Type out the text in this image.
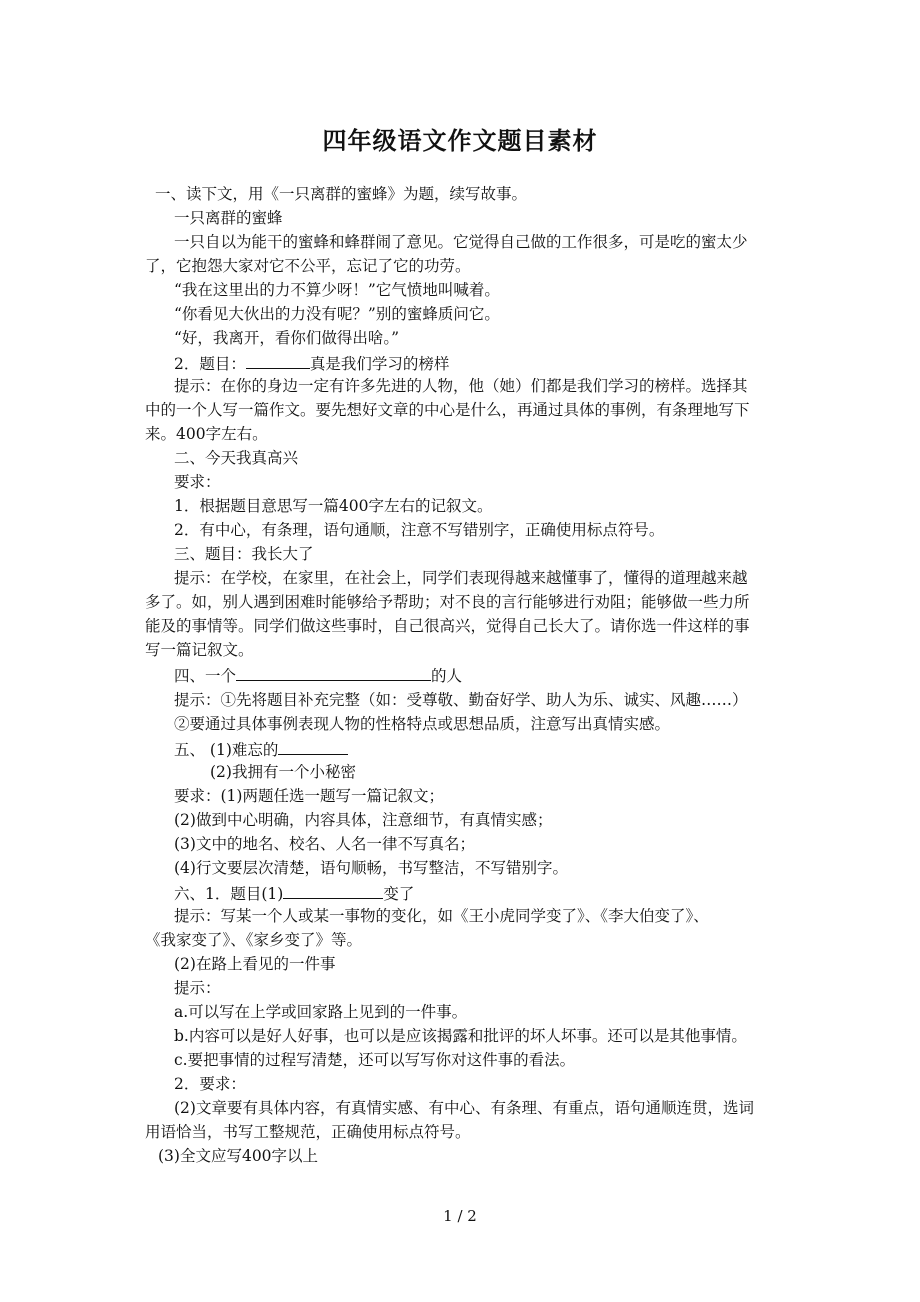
四年级语文作文题目素材
一、读下文，用《一只离群的蜜蜂》为题，续写故事。
一只离群的蜜蜂
一只自以为能干的蜜蜂和蜂群闹了意见。它觉得自己做的工作很多，可是吃的蜜太少
了，它抱怨大家对它不公平，忘记了它的功劳。
“我在这里出的力不算少呀！”它气愤地叫喊着。
“你看见大伙出的力没有呢？”别的蜜蜂质问它。
“好，我离开，看你们做得出啥。”
2．题目：	真是我们学习的榜样
提示：在你的身边一定有许多先进的人物，他（她）们都是我们学习的榜样。选择其
中的一个人写一篇作文。要先想好文章的中心是什么，再通过具体的事例，有条理地写下
来。400字左右。
二、今天我真高兴
要求：
1．根据题目意思写一篇400字左右的记叙文。
2．有中心，有条理，语句通顺，注意不写错别字，正确使用标点符号。
三、题目：我长大了
提示：在学校，在家里，在社会上，同学们表现得越来越懂事了，懂得的道理越来越
多了。如，别人遇到困难时能够给予帮助；对不良的言行能够进行劝阻；能够做一些力所
能及的事情等。同学们做这些事时，自己很高兴，觉得自己长大了。请你选一件这样的事
写一篇记叙文。
四、一个	的人
提示：①先将题目补充完整（如：受尊敬、勤奋好学、助人为乐、诚实、风趣……）
②要通过具体事例表现人物的性格特点或思想品质，注意写出真情实感。
五、 (1)难忘的
(2)我拥有一个小秘密
要求：(1)两题任选一题写一篇记叙文；
(2)做到中心明确，内容具体，注意细节，有真情实感；
(3)文中的地名、校名、人名一律不写真名；
(4)行文要层次清楚，语句顺畅，书写整洁，不写错别字。
六、1．题目(1)	变了
提示：写某一个人或某一事物的变化，如《王小虎同学变了》、《李大伯变了》、
《我家变了》、《家乡变了》等。
(2)在路上看见的一件事
提示：
a.可以写在上学或回家路上见到的一件事。
b.内容可以是好人好事，也可以是应该揭露和批评的坏人坏事。还可以是其他事情。
c.要把事情的过程写清楚，还可以写写你对这件事的看法。
2．要求：
(2)文章要有具体内容，有真情实感、有中心、有条理、有重点，语句通顺连贯，选词
用语恰当，书写工整规范，正确使用标点符号。
(3)全文应写400字以上
1 / 2
